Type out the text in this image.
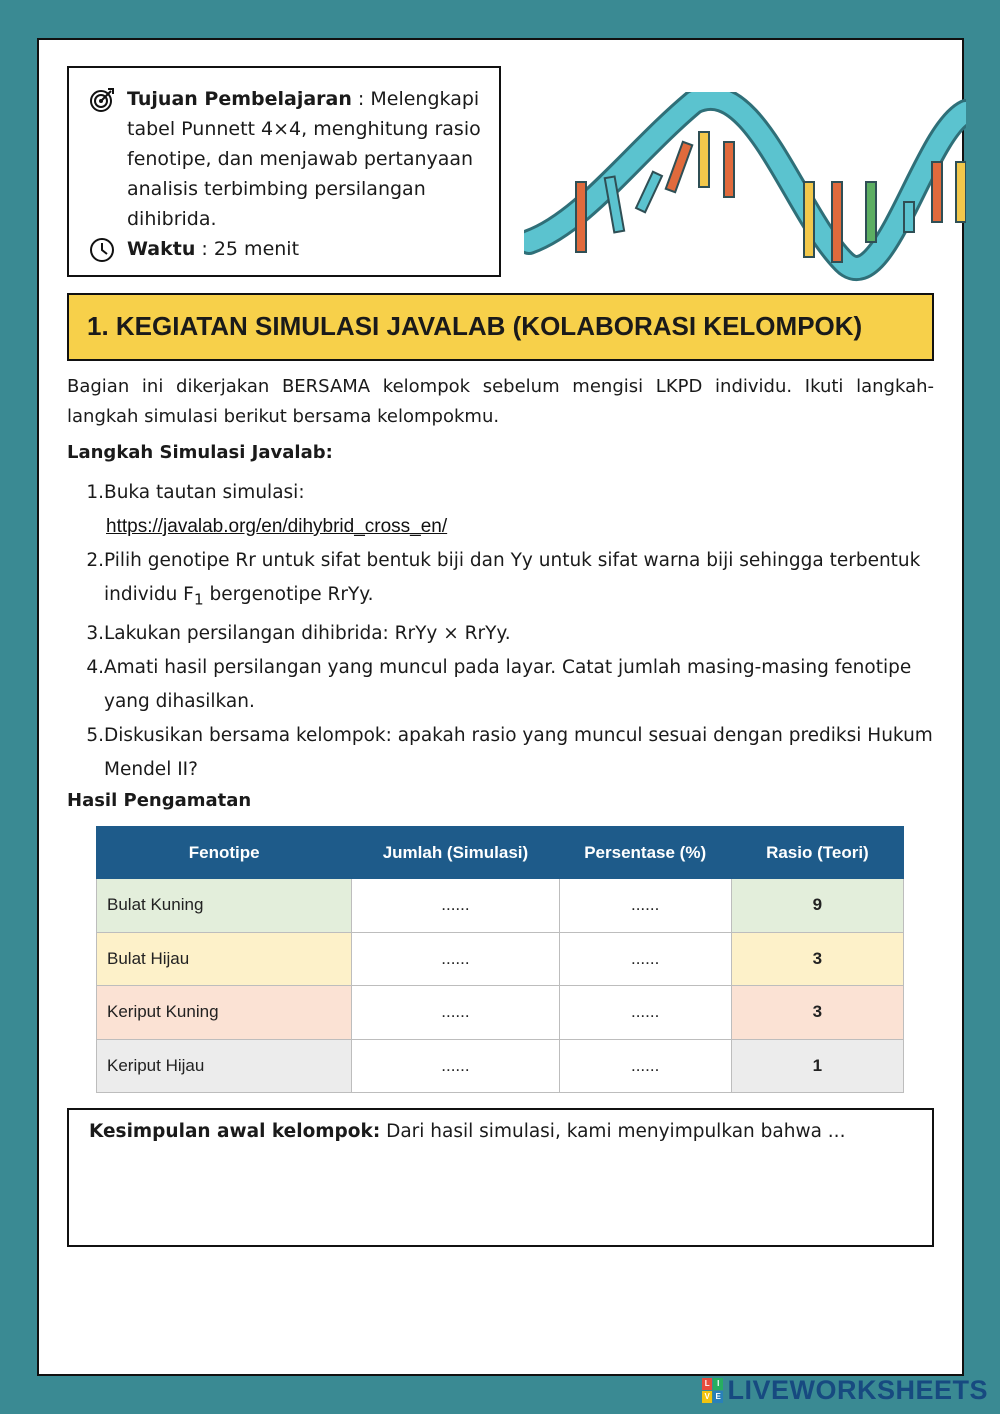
Tujuan Pembelajaran : Melengkapi tabel Punnett 4×4, menghitung rasio fenotipe, dan menjawab pertanyaan analisis terbimbing persilangan dihibrida.
Waktu : 25 menit
1. KEGIATAN SIMULASI JAVALAB (KOLABORASI KELOMPOK)

Bagian ini dikerjakan BERSAMA kelompok sebelum mengisi LKPD individu. Ikuti langkah-langkah simulasi berikut bersama kelompokmu.

Langkah Simulasi Javalab:
1. Buka tautan simulasi:
https://javalab.org/en/dihybrid_cross_en/
2. Pilih genotipe Rr untuk sifat bentuk biji dan Yy untuk sifat warna biji sehingga terbentuk individu $F_1$ bergenotipe RrYy.
3. Lakukan persilangan dihibrida: RrYy × RrYy.
4. Amati hasil persilangan yang muncul pada layar. Catat jumlah masing-masing fenotipe yang dihasilkan.
5. Diskusikan bersama kelompok: apakah rasio yang muncul sesuai dengan prediksi Hukum Mendel II?
Hasil Pengamatan
Fenotipe	Jumlah (Simulasi)	Persentase (%)	Rasio (Teori)
Bulat Kuning	......	......	9
Bulat Hijau	......	......	3
Keriput Kuning	......	......	3
Keriput Hijau	......	......	1
Kesimpulan awal kelompok: Dari hasil simulasi, kami menyimpulkan bahwa ...
L I
V E LIVEWORKSHEETS
